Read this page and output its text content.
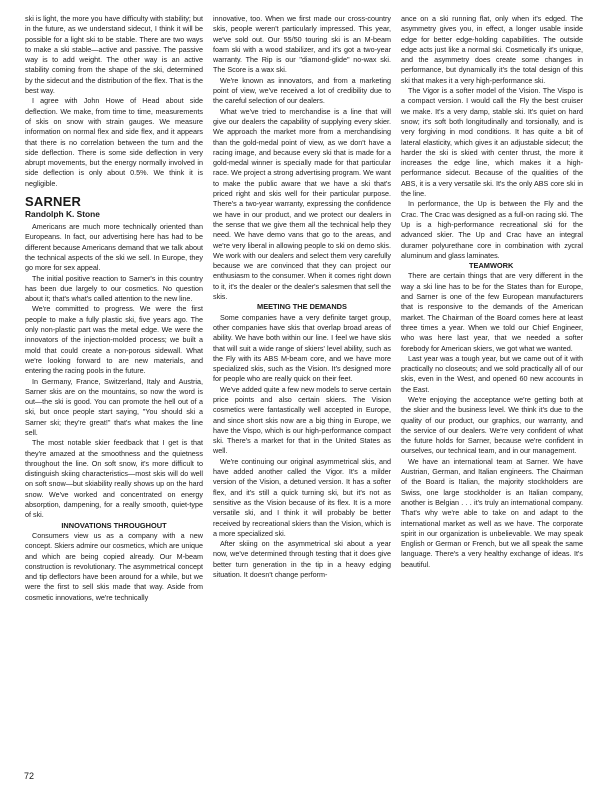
ski is light, the more you have difficulty with stability; but in the future, as we understand sidecut, I think it will be possible for a light ski to be stable. There are two ways to make a ski stable—active and passive. The passive way is to add weight. The other way is an active stability coming from the shape of the ski, determined by the sidecut and the distribution of the flex. That is the best way.

I agree with John Howe of Head about side deflection. We make, from time to time, measurements of skis on snow with strain gauges. We measure information on normal flex and side flex, and it appears that there is no correlation between the turn and the side deflection. There is some side deflection in very abrupt movements, but the energy normally involved in side deflection is only about 0.5%. We think it is negligible.

SARNER
Randolph K. Stone

Americans are much more technically oriented than Europeans. In fact, our advertising here has had to be different because Americans demand that we talk about the technical aspects of the ski we sell. In Europe, they go more for sex appeal.

The initial positive reaction to Sarner's in this country has been due largely to our cosmetics. No question about it; that's what's called attention to the new line.

We're committed to progress. We were the first people to make a fully plastic ski, five years ago. The only non-plastic part was the metal edge. We were the innovators of the injection-molded process; we built a mold that could create a non-porous sidewall. What we're looking forward to are new materials, and entering the racing pools in the future.

In Germany, France, Switzerland, Italy and Austria, Sarner skis are on the mountains, so now the word is out—the ski is good. You can promote the hell out of a ski, but once people start saying, "You should ski a Sarner ski; they're great!" that's what makes the line sell.

The most notable skier feedback that I get is that they're amazed at the smoothness and the quietness throughout the line. On soft snow, it's more difficult to distinguish skiing characteristics—most skis will do well on soft snow—but skiability really shows up on the hard snow. We've worked and concentrated on energy absorption, dampening, for a really smooth, quiet-type of ski.

INNOVATIONS THROUGHOUT

Consumers view us as a company with a new concept. Skiers admire our cosmetics, which are unique and which are being copied already. Our M-beam construction is revolutionary. The asymmetrical concept and tip deflectors have been around for a while, but we were the first to sell skis made that way. Aside from cosmetic innovations, we're technically

innovative, too. When we first made our cross-country skis, people weren't particularly impressed. This year, we've sold out. Our 55/50 touring ski is an M-beam foam ski with a wood stabilizer, and it's got a two-year warranty. The Rip is our "diamond-glide" no-wax ski. The Score is a wax ski.

We're known as innovators, and from a marketing point of view, we've received a lot of credibility due to the careful selection of our dealers.

What we've tried to merchandise is a line that will give our dealers the capability of supplying every skier. We approach the market more from a merchandising than the gold-medal point of view, as we don't have a racing image, and because every ski that is made for a gold-medal winner is specially made for that particular race. We project a strong advertising program. We want to make the public aware that we have a ski that's priced right and skis well for their particular purpose. There's a two-year warranty, expressing the confidence we have in our product, and we protect our dealers in the sense that we give them all the technical help they need. We have demo vans that go to the areas, and we're very liberal in allowing people to ski on demo skis. We work with our dealers and select them very carefully because we are convinced that they can project our enthusiasm to the consumer. When it comes right down to it, it's the dealer or the dealer's salesmen that sell the skis.

MEETING THE DEMANDS

Some companies have a very definite target group, other companies have skis that overlap broad areas of ability. We have both within our line. I feel we have skis that will suit a wide range of skiers' level ability, such as the Fly with its ABS M-beam core, and we have more specialized skis, such as the Vision. It's designed more for people who are really quick on their feet.

We've added quite a few new models to serve certain price points and also certain skiers. The Vision cosmetics were fantastically well accepted in Europe, and since short skis now are a big thing in Europe, we have the Vispo, which is our high-performance compact ski. There's a market for that in the United States as well.

We're continuing our original asymmetrical skis, and have added another called the Vigor. It's a milder version of the Vision, a detuned version. It has a softer flex, and it's still a quick turning ski, but it's not as sensitive as the Vision because of its flex. It is a more versatile ski, and I think it will probably be better received by recreational skiers than the Vision, which is a more specialized ski.

After skiing on the asymmetrical ski about a year now, we've determined through testing that it does give better turn generation in the tip in a heavy edging situation. It doesn't change perform-

ance on a ski running flat, only when it's edged. The asymmetry gives you, in effect, a longer usable inside edge for better edge-holding capabilities. The outside edge acts just like a normal ski. Cosmetically it's unique, and the asymmetry does create some changes in performance, but dynamically it's the total design of this ski that makes it a very high-performance ski.

The Vigor is a softer model of the Vision. The Vispo is a compact version. I would call the Fly the best cruiser we make. It's a very damp, stable ski. It's quiet on hard snow; it's soft both longitudinally and torsionally, and is very forgiving in mod conditions. It has quite a bit of lateral elasticity, which gives it an adjustable sidecut; the harder the ski is skied with center thrust, the more it increases the edge line, which makes it a high-performance sidecut. Because of the qualities of the ABS, it is a very versatile ski. It's the only ABS core ski in the line.

In performance, the Up is between the Fly and the Crac. The Crac was designed as a full-on racing ski. The Up is a high-performance recreational ski for the advanced skier. The Up and Crac have an integral duramer polyurethane core in combination with zycral aluminum and glass laminates.

TEAMWORK

There are certain things that are very different in the way a ski line has to be for the States than for Europe, and Sarner is one of the few European manufacturers that is responsive to the demands of the American market. The Chairman of the Board comes here at least three times a year. When we told our Chief Engineer, who was here last year, that we needed a softer forebody for American skiers, we got what we wanted.

Last year was a tough year, but we came out of it with practically no closeouts; and we sold practically all of our skis, even in the West, and opened 60 new accounts in the East.

We're enjoying the acceptance we're getting both at the skier and the business level. We think it's due to the quality of our product, our graphics, our warranty, and the service of our dealers. We're very confident of what the future holds for Sarner, because we're confident in ourselves, our technical team, and in our management.

We have an international team at Sarner. We have Austrian, German, and Italian engineers. The Chairman of the Board is Italian, the majority stockholders are Swiss, one large stockholder is an Italian company, another is Belgian . . . it's truly an international company. That's why we're able to take on and adapt to the international market as well as we have. The corporate spirit in our organization is unbelievable. We may speak English or German or French, but we all speak the same language. There's a very healthy exchange of ideas. It's beautiful.

72
